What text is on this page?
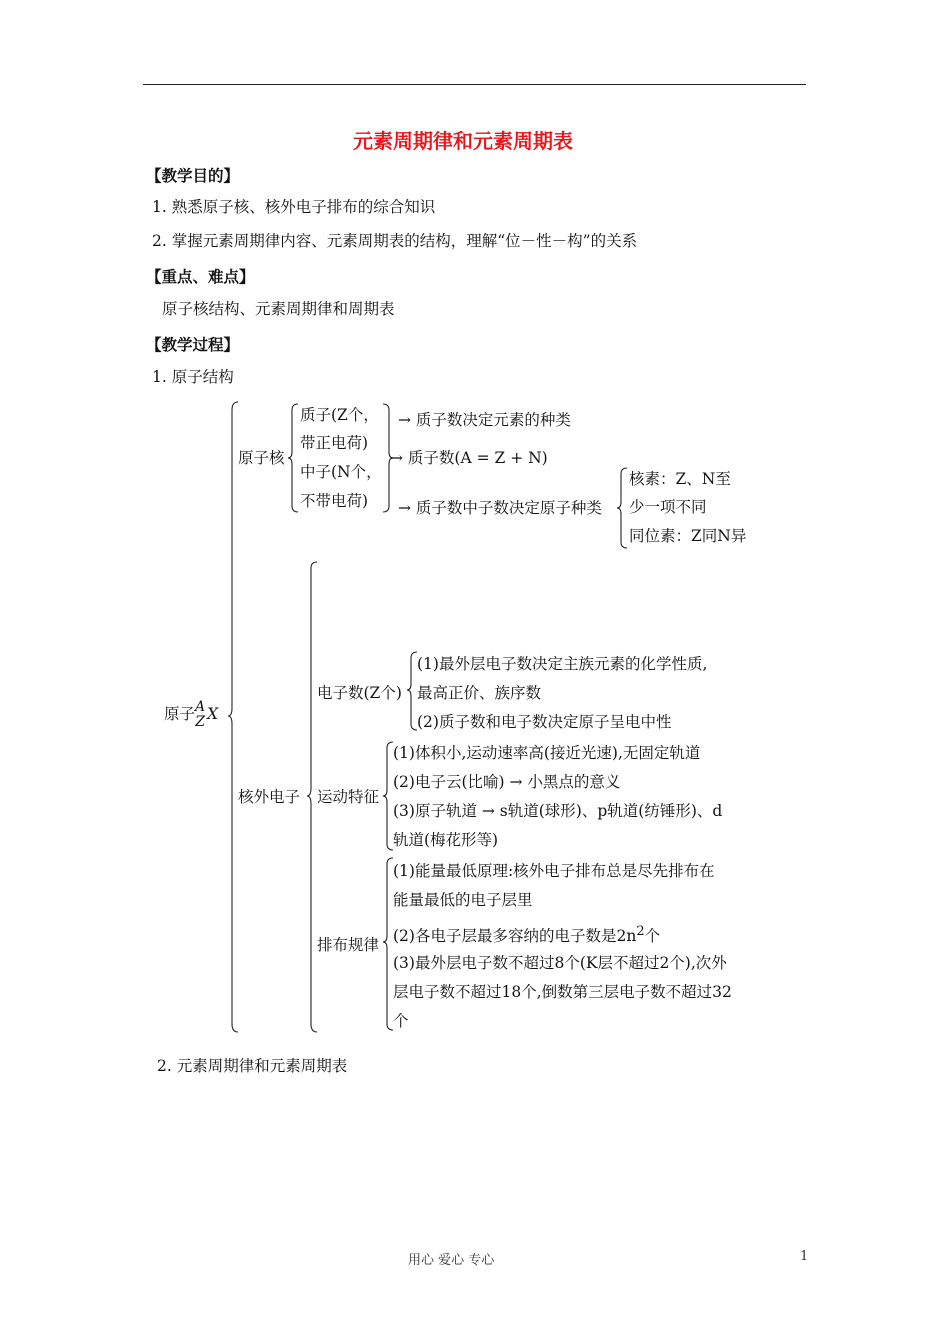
元素周期律和元素周期表
【教学目的】
1. 熟悉原子核、核外电子排布的综合知识
2. 掌握元素周期律内容、元素周期表的结构，理解“位－性－构”的关系
【重点、难点】
原子核结构、元素周期律和周期表
【教学过程】
1. 原子结构
原子 A
Z X
原子核
质子(Z个，
带正电荷)
中子(N个，
不带电荷)
→ 质子数决定元素的种类
→ 质子数(A = Z + N)
→ 质子数中子数决定原子种类
核素：Z、N至
少一项不同
同位素：Z同N异
核外电子
电子数(Z个)
(1)最外层电子数决定主族元素的化学性质,
最高正价、族序数
(2)质子数和电子数决定原子呈电中性
运动特征
(1)体积小,运动速率高(接近光速),无固定轨道
(2)电子云(比喻) → 小黑点的意义
(3)原子轨道 → s轨道(球形)、p轨道(纺锤形)、d
轨道(梅花形等)
排布规律
(1)能量最低原理:核外电子排布总是尽先排布在
能量最低的电子层里
(2)各电子层最多容纳的电子数是$2n^2$个
(3)最外层电子数不超过8个(K层不超过2个),次外
层电子数不超过18个,倒数第三层电子数不超过32
个
2. 元素周期律和元素周期表
用心 爱心 专心	1
